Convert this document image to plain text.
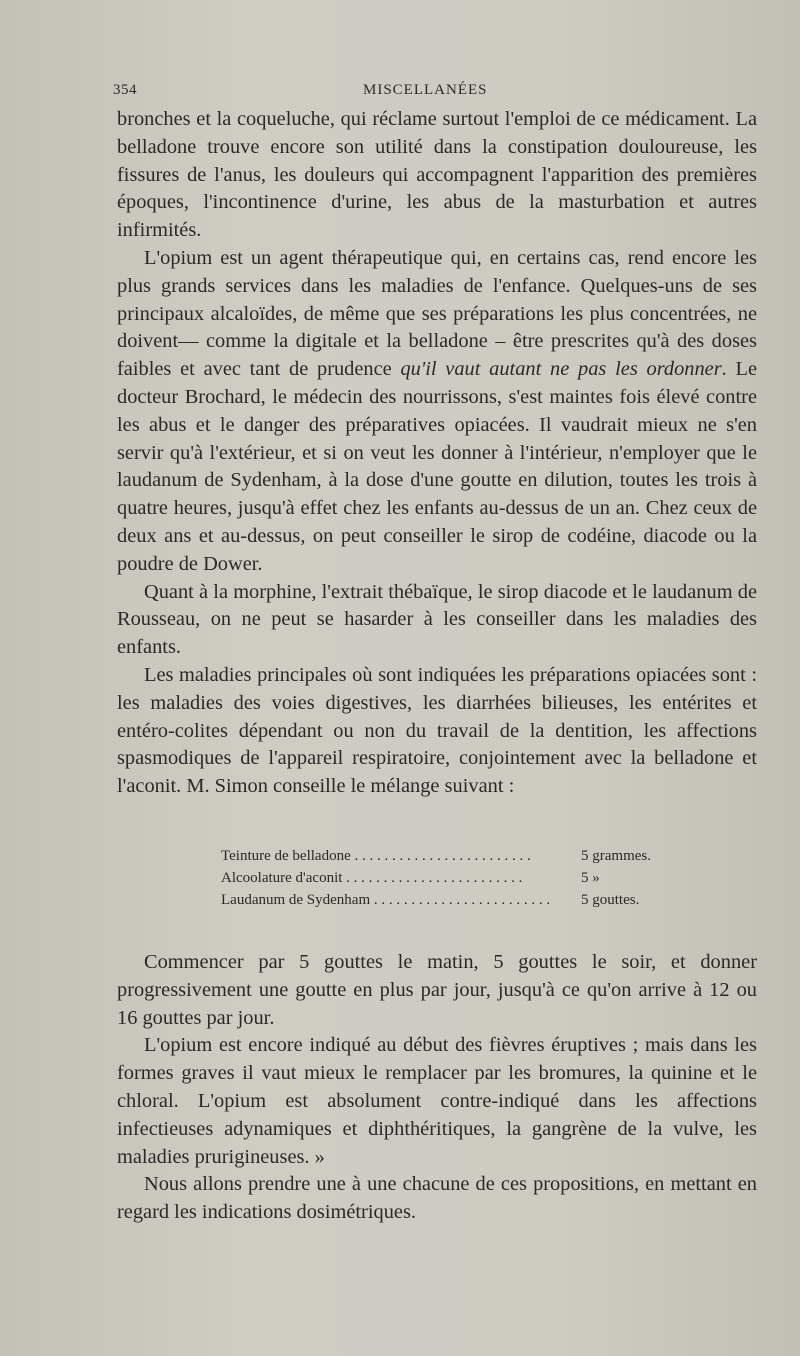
354	MISCELLANÉES

bronches et la coqueluche, qui réclame surtout l'emploi de ce médicament. La belladone trouve encore son utilité dans la constipation douloureuse, les fissures de l'anus, les douleurs qui accompagnent l'apparition des premières époques, l'incontinence d'urine, les abus de la masturbation et autres infirmités.

L'opium est un agent thérapeutique qui, en certains cas, rend encore les plus grands services dans les maladies de l'enfance. Quelques-uns de ses principaux alcaloïdes, de même que ses préparations les plus concentrées, ne doivent— comme la digitale et la belladone – être prescrites qu'à des doses faibles et avec tant de prudence qu'il vaut autant ne pas les ordonner. Le docteur Brochard, le médecin des nourrissons, s'est maintes fois élevé contre les abus et le danger des préparatives opiacées. Il vaudrait mieux ne s'en servir qu'à l'extérieur, et si on veut les donner à l'intérieur, n'employer que le laudanum de Sydenham, à la dose d'une goutte en dilution, toutes les trois à quatre heures, jusqu'à effet chez les enfants au-dessus de un an. Chez ceux de deux ans et au-dessus, on peut conseiller le sirop de codéine, diacode ou la poudre de Dower.

Quant à la morphine, l'extrait thébaïque, le sirop diacode et le laudanum de Rousseau, on ne peut se hasarder à les conseiller dans les maladies des enfants.

Les maladies principales où sont indiquées les préparations opiacées sont : les maladies des voies digestives, les diarrhées bilieuses, les entérites et entéro-colites dépendant ou non du travail de la dentition, les affections spasmodiques de l'appareil respiratoire, conjointement avec la belladone et l'aconit. M. Simon conseille le mélange suivant :

Teinture de belladone . . .	5 grammes.
Alcoolature d'aconit . . .	5 »
Laudanum de Sydenham . . .	5 gouttes.

Commencer par 5 gouttes le matin, 5 gouttes le soir, et donner progressivement une goutte en plus par jour, jusqu'à ce qu'on arrive à 12 ou 16 gouttes par jour.

L'opium est encore indiqué au début des fièvres éruptives ; mais dans les formes graves il vaut mieux le remplacer par les bromures, la quinine et le chloral. L'opium est absolument contre-indiqué dans les affections infectieuses adynamiques et diphthéritiques, la gangrène de la vulve, les maladies prurigineuses. »

Nous allons prendre une à une chacune de ces propositions, en mettant en regard les indications dosimétriques.
